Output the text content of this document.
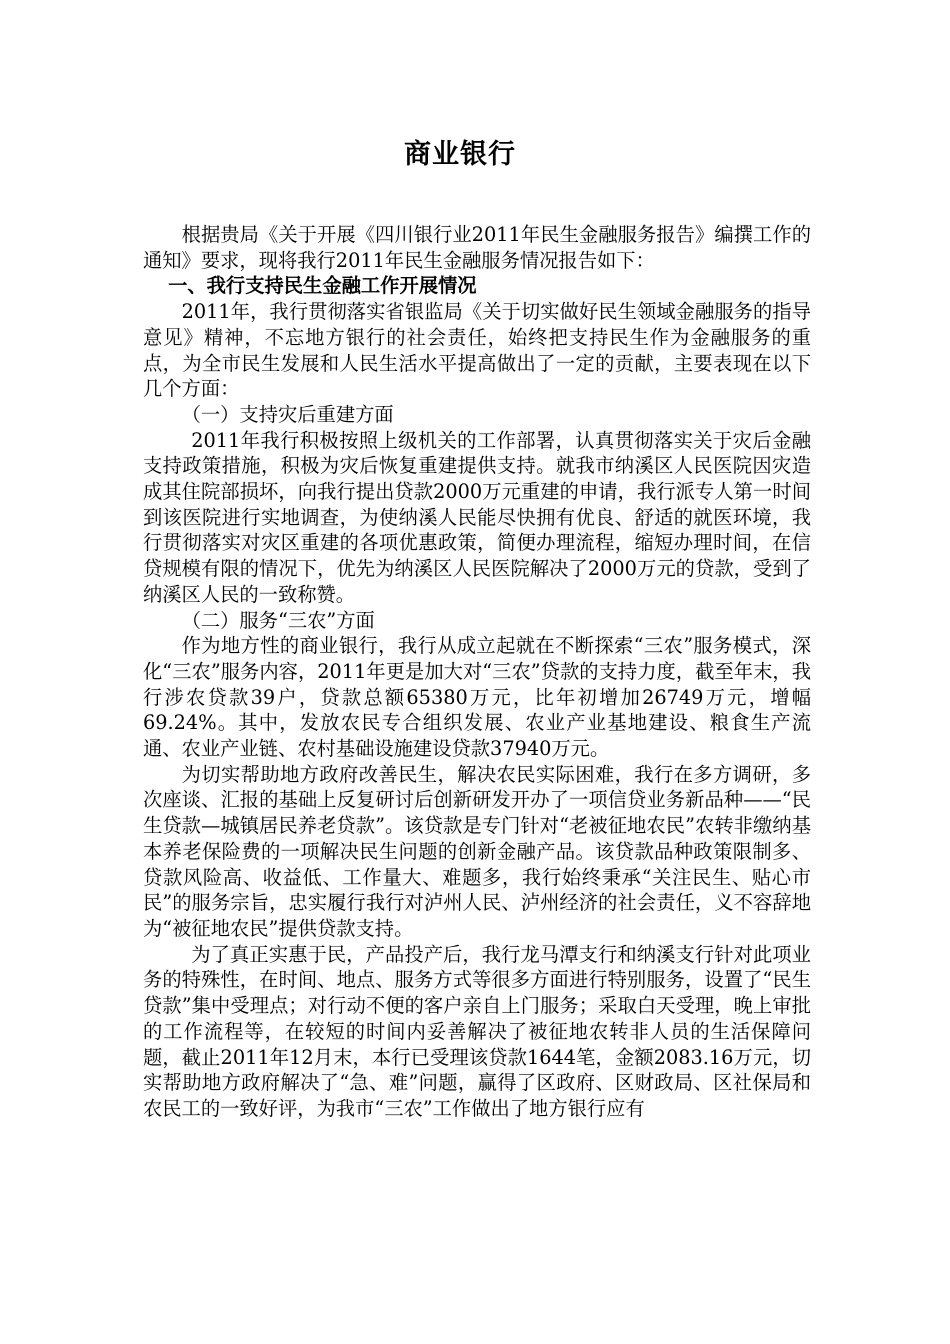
商业银行

根据贵局《关于开展《四川银行业2011年民生金融服务报告》编撰工作的通知》要求，现将我行2011年民生金融服务情况报告如下：

一、我行支持民生金融工作开展情况

2011年，我行贯彻落实省银监局《关于切实做好民生领域金融服务的指导意见》精神，不忘地方银行的社会责任，始终把支持民生作为金融服务的重点，为全市民生发展和人民生活水平提高做出了一定的贡献，主要表现在以下几个方面：

（一）支持灾后重建方面

2011年我行积极按照上级机关的工作部署，认真贯彻落实关于灾后金融支持政策措施，积极为灾后恢复重建提供支持。就我市纳溪区人民医院因灾造成其住院部损坏，向我行提出贷款2000万元重建的申请，我行派专人第一时间到该医院进行实地调查，为使纳溪人民能尽快拥有优良、舒适的就医环境，我行贯彻落实对灾区重建的各项优惠政策，简便办理流程，缩短办理时间，在信贷规模有限的情况下，优先为纳溪区人民医院解决了2000万元的贷款，受到了纳溪区人民的一致称赞。

（二）服务“三农”方面

作为地方性的商业银行，我行从成立起就在不断探索“三农”服务模式，深化“三农”服务内容，2011年更是加大对“三农”贷款的支持力度，截至年末，我行涉农贷款39户，贷款总额65380万元，比年初增加26749万元，增幅69.24%。其中，发放农民专合组织发展、农业产业基地建设、粮食生产流通、农业产业链、农村基础设施建设贷款37940万元。

为切实帮助地方政府改善民生，解决农民实际困难，我行在多方调研，多次座谈、汇报的基础上反复研讨后创新研发开办了一项信贷业务新品种——“民生贷款—城镇居民养老贷款”。该贷款是专门针对“老被征地农民”农转非缴纳基本养老保险费的一项解决民生问题的创新金融产品。该贷款品种政策限制多、贷款风险高、收益低、工作量大、难题多，我行始终秉承“关注民生、贴心市民”的服务宗旨，忠实履行我行对泸州人民、泸州经济的社会责任，义不容辞地为“被征地农民”提供贷款支持。

为了真正实惠于民，产品投产后，我行龙马潭支行和纳溪支行针对此项业务的特殊性，在时间、地点、服务方式等很多方面进行特别服务，设置了“民生贷款”集中受理点；对行动不便的客户亲自上门服务；采取白天受理，晚上审批的工作流程等，在较短的时间内妥善解决了被征地农转非人员的生活保障问题，截止2011年12月末，本行已受理该贷款1644笔，金额2083.16万元，切实帮助地方政府解决了“急、难”问题，赢得了区政府、区财政局、区社保局和农民工的一致好评，为我市“三农”工作做出了地方银行应有
